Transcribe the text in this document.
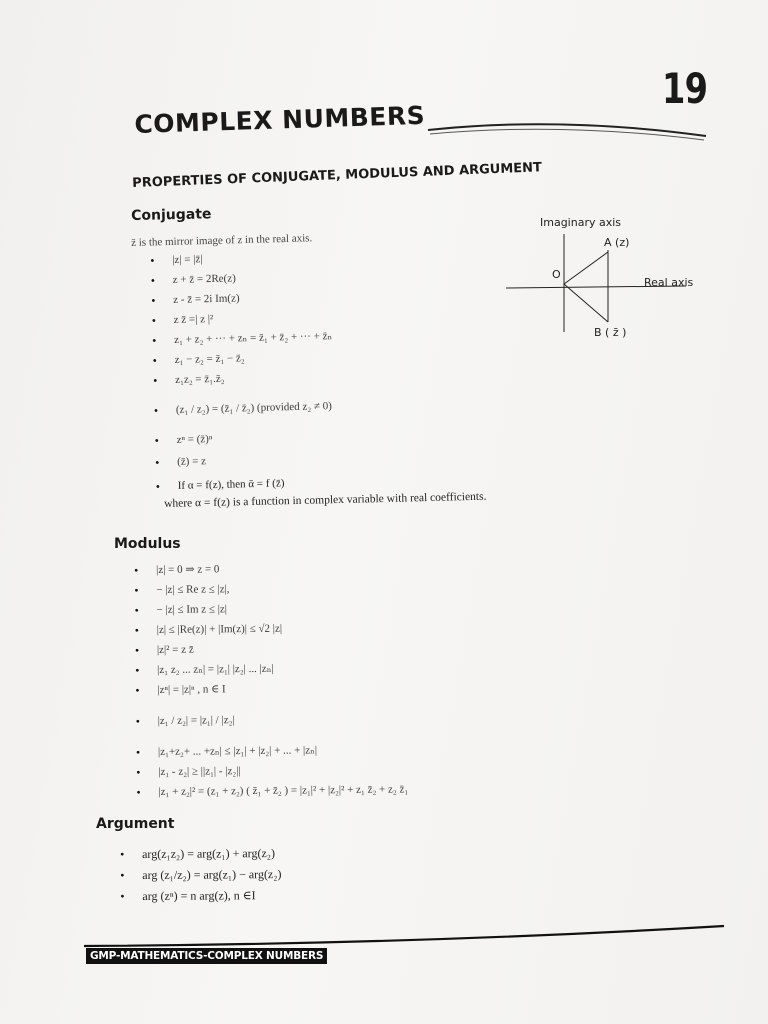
19
COMPLEX NUMBERS
PROPERTIES OF CONJUGATE, MODULUS AND ARGUMENT
Conjugate
z̄ is the mirror image of z in the real axis.
• |z| = |z̄|
• z + z̄ = 2Re(z)
• z - z̄ = 2i Im(z)
• z z̄ =| z |²
• z₁ + z₂ + ··· + zₙ = z̄₁ + z̄₂ + ··· + z̄ₙ
• z₁ − z₂ = z̄₁ − z̄₂
• z₁z₂ = z̄₁.z̄₂
• (z₁ / z₂) = (z̄₁ / z̄₂) (provided z₂ ≠ 0)
• zⁿ = (z̄)ⁿ
• (z̄) = z
• If α = f(z), then ᾱ = f (z̄)
where α = f(z) is a function in complex variable with real coefficients.
Imaginary axis
A (z)
O
Real axis
B ( z̄ )
Modulus
• |z| = 0 ⇒ z = 0
• − |z| ≤ Re z ≤ |z|,
• − |z| ≤ Im z ≤ |z|
• |z| ≤ |Re(z)| + |Im(z)| ≤ √2 |z|
• |z|² = z z̄
• |z₁ z₂ ... zₙ| = |z₁| |z₂| ... |zₙ|
• |zⁿ| = |z|ⁿ , n ∈ I
• |z₁ / z₂| = |z₁| / |z₂|
• |z₁+z₂+ ... +zₙ| ≤ |z₁| + |z₂| + ... + |zₙ|
• |z₁ - z₂| ≥ ||z₁| - |z₂||
• |z₁ + z₂|² = (z₁ + z₂) ( z̄₁ + z̄₂ ) = |z₁|² + |z₂|² + z₁ z̄₂ + z₂ z̄₁
Argument
• arg(z₁z₂) = arg(z₁) + arg(z₂)
• arg (z₁/z₂) = arg(z₁) − arg(z₂)
• arg (zⁿ) = n arg(z), n ∈I
GMP-MATHEMATICS-COMPLEX NUMBERS
